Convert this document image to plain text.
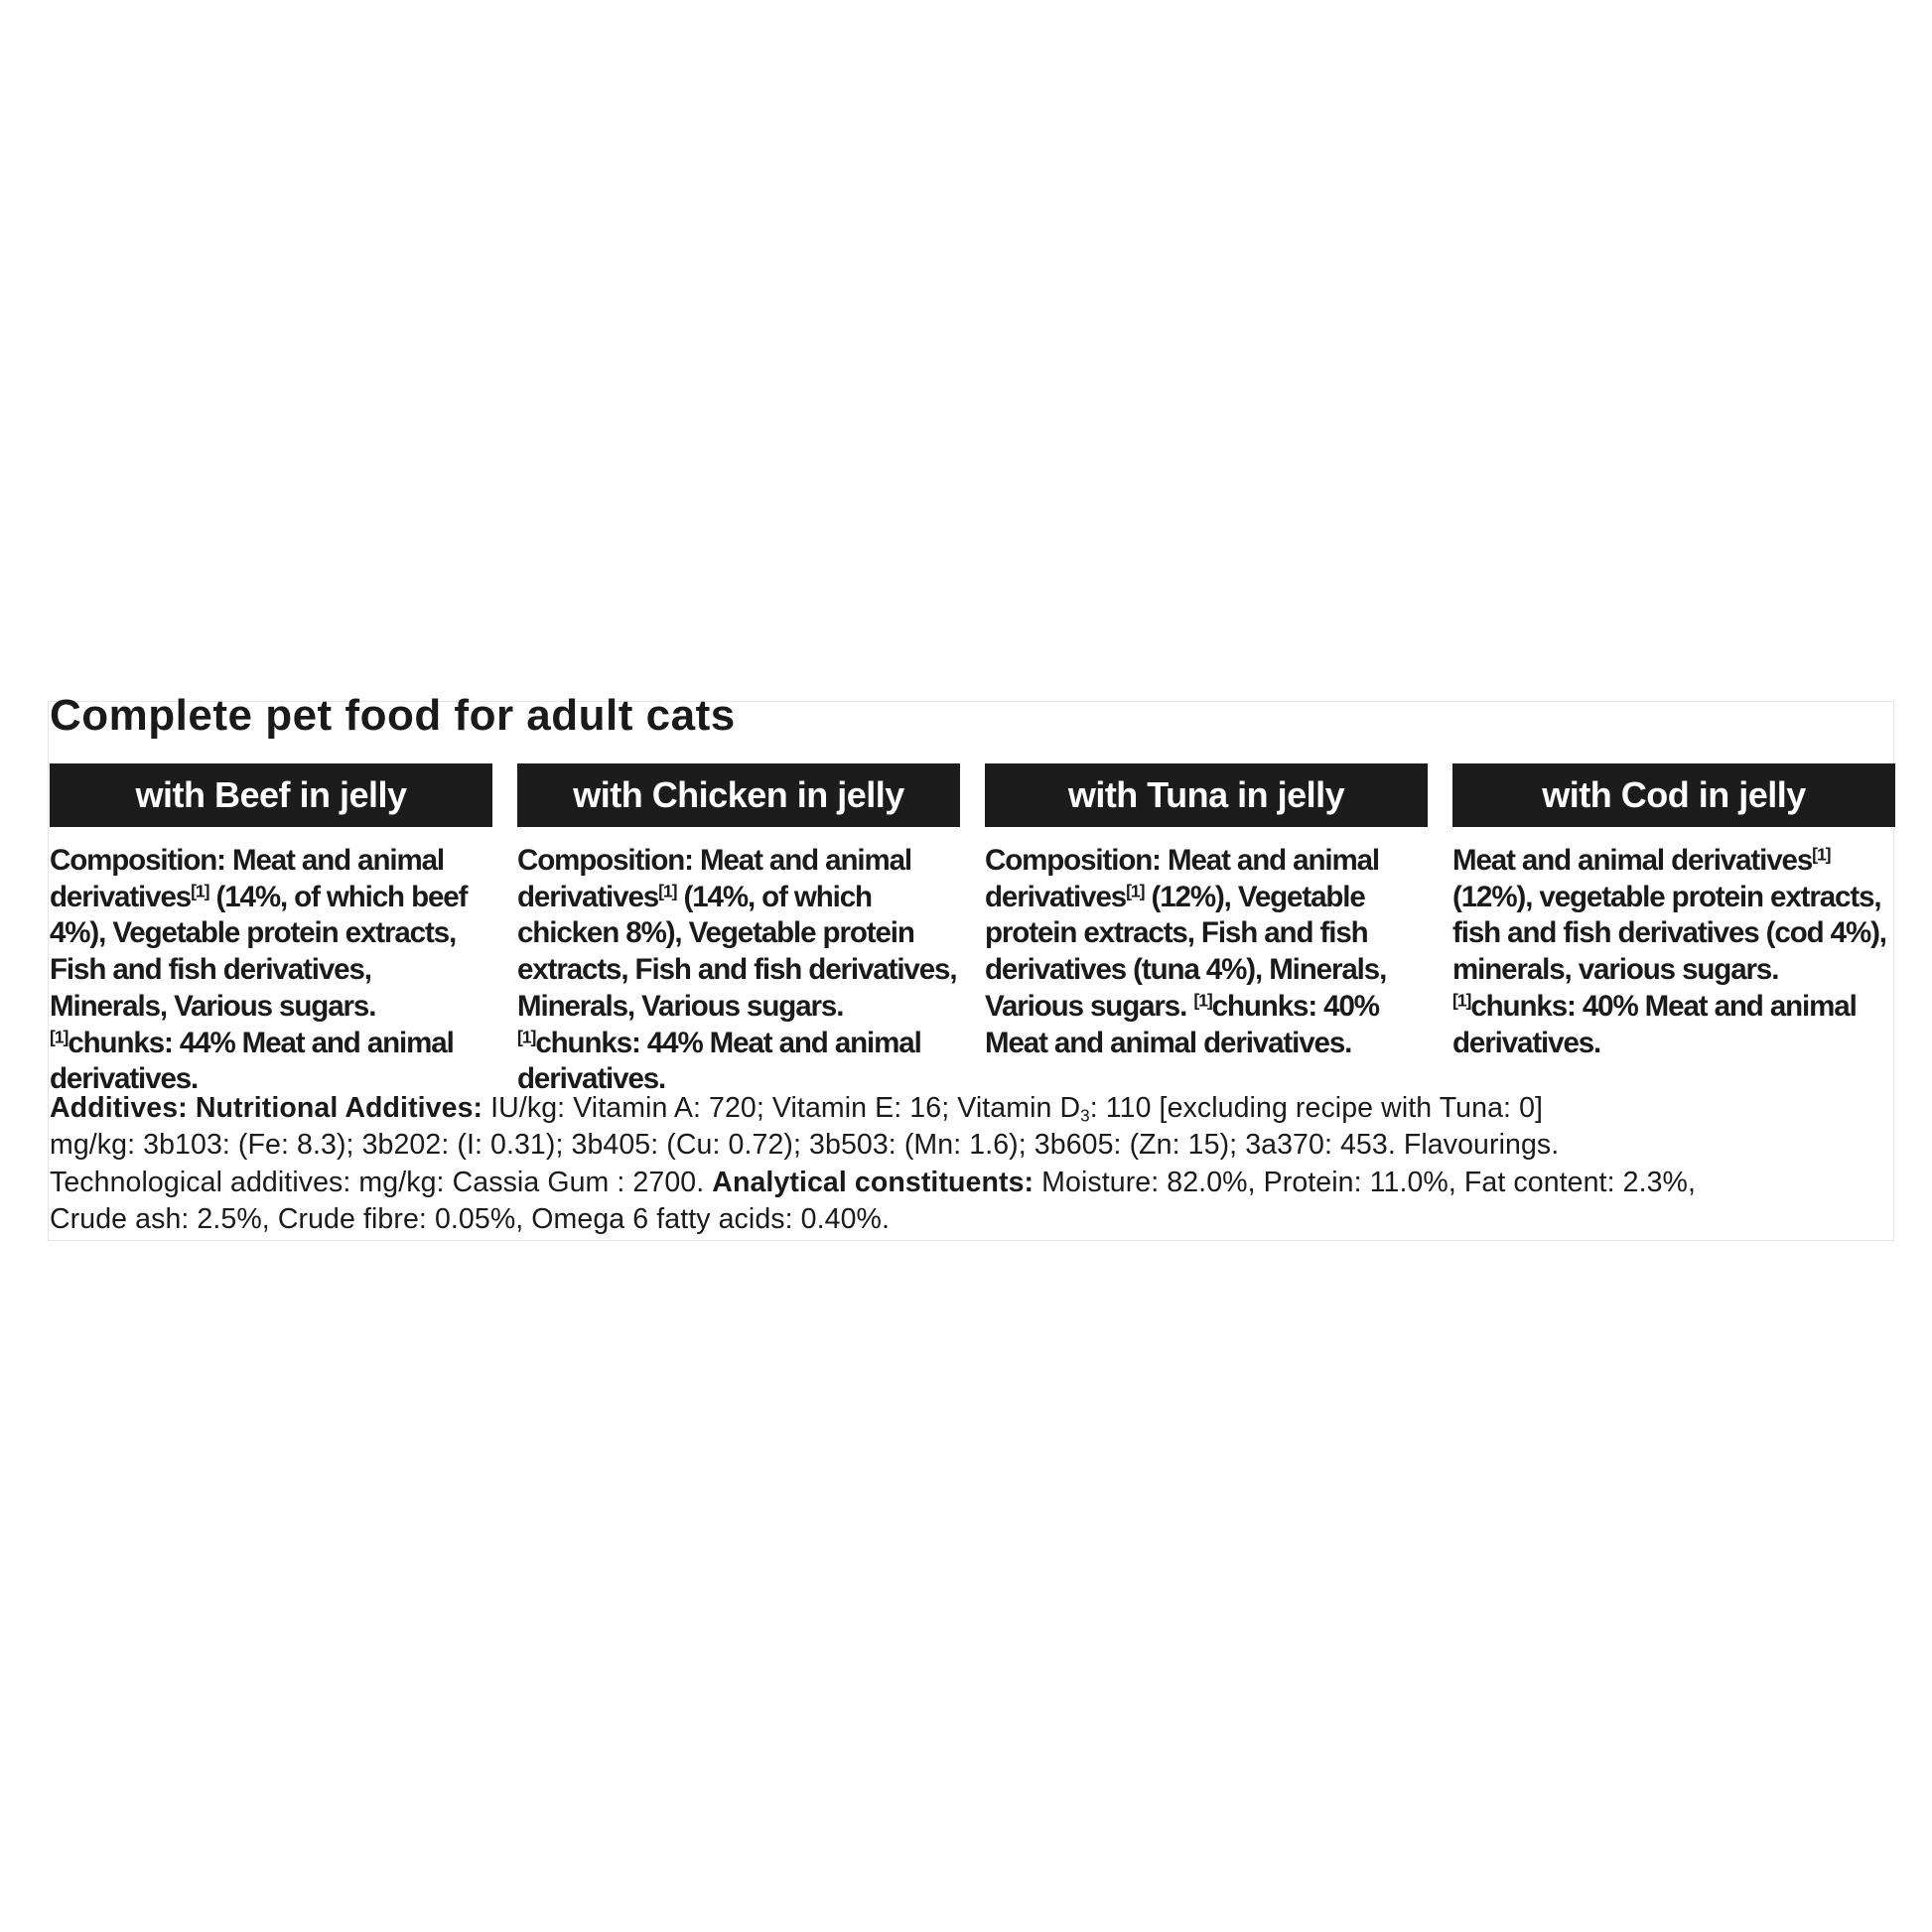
Complete pet food for adult cats
with Beef in jelly
Composition: Meat and animal derivatives[1] (14%, of which beef 4%), Vegetable protein extracts, Fish and fish derivatives, Minerals, Various sugars. [1]chunks: 44% Meat and animal derivatives.
with Chicken in jelly
Composition: Meat and animal derivatives[1] (14%, of which chicken 8%), Vegetable protein extracts, Fish and fish derivatives, Minerals, Various sugars. [1]chunks: 44% Meat and animal derivatives.
with Tuna in jelly
Composition: Meat and animal derivatives[1] (12%), Vegetable protein extracts, Fish and fish derivatives (tuna 4%), Minerals, Various sugars. [1]chunks: 40% Meat and animal derivatives.
with Cod in jelly
Meat and animal derivatives[1] (12%), vegetable protein extracts, fish and fish derivatives (cod 4%), minerals, various sugars. [1]chunks: 40% Meat and animal derivatives.
Additives: Nutritional Additives: IU/kg: Vitamin A: 720; Vitamin E: 16; Vitamin $D_3$: 110 [excluding recipe with Tuna: 0]
mg/kg: 3b103: (Fe: 8.3); 3b202: (I: 0.31); 3b405: (Cu: 0.72); 3b503: (Mn: 1.6); 3b605: (Zn: 15); 3a370: 453. Flavourings.
Technological additives: mg/kg: Cassia Gum : 2700. Analytical constituents: Moisture: 82.0%, Protein: 11.0%, Fat content: 2.3%,
Crude ash: 2.5%, Crude fibre: 0.05%, Omega 6 fatty acids: 0.40%.
